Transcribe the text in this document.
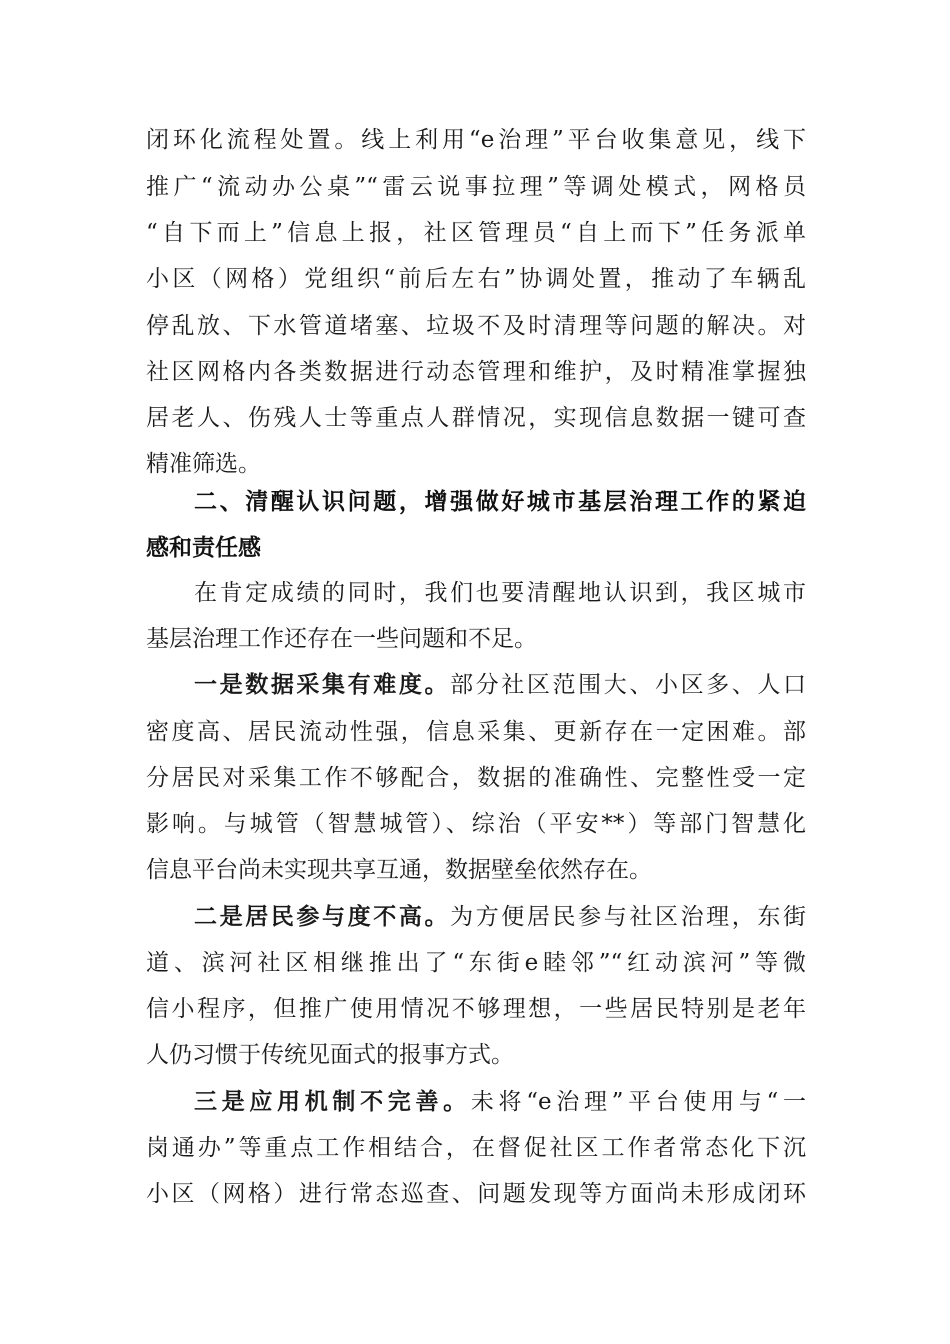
闭环化流程处置。线上利用“e治理”平台收集意见，线下

推广“流动办公桌”“雷云说事拉理”等调处模式，网格员

“自下而上”信息上报，社区管理员“自上而下”任务派单

小区（网格）党组织“前后左右”协调处置，推动了车辆乱

停乱放、下水管道堵塞、垃圾不及时清理等问题的解决。对

社区网格内各类数据进行动态管理和维护，及时精准掌握独

居老人、伤残人士等重点人群情况，实现信息数据一键可查

精准筛选。

二、清醒认识问题，增强做好城市基层治理工作的紧迫

感和责任感

在肯定成绩的同时，我们也要清醒地认识到，我区城市

基层治理工作还存在一些问题和不足。

一是数据采集有难度。部分社区范围大、小区多、人口

密度高、居民流动性强，信息采集、更新存在一定困难。部

分居民对采集工作不够配合，数据的准确性、完整性受一定

影响。与城管（智慧城管）、综治（平安**）等部门智慧化

信息平台尚未实现共享互通，数据壁垒依然存在。

二是居民参与度不高。为方便居民参与社区治理，东街

道、滨河社区相继推出了“东街e睦邻”“红动滨河”等微

信小程序，但推广使用情况不够理想，一些居民特别是老年

人仍习惯于传统见面式的报事方式。

三是应用机制不完善。未将“e治理”平台使用与“一

岗通办”等重点工作相结合，在督促社区工作者常态化下沉

小区（网格）进行常态巡查、问题发现等方面尚未形成闭环
